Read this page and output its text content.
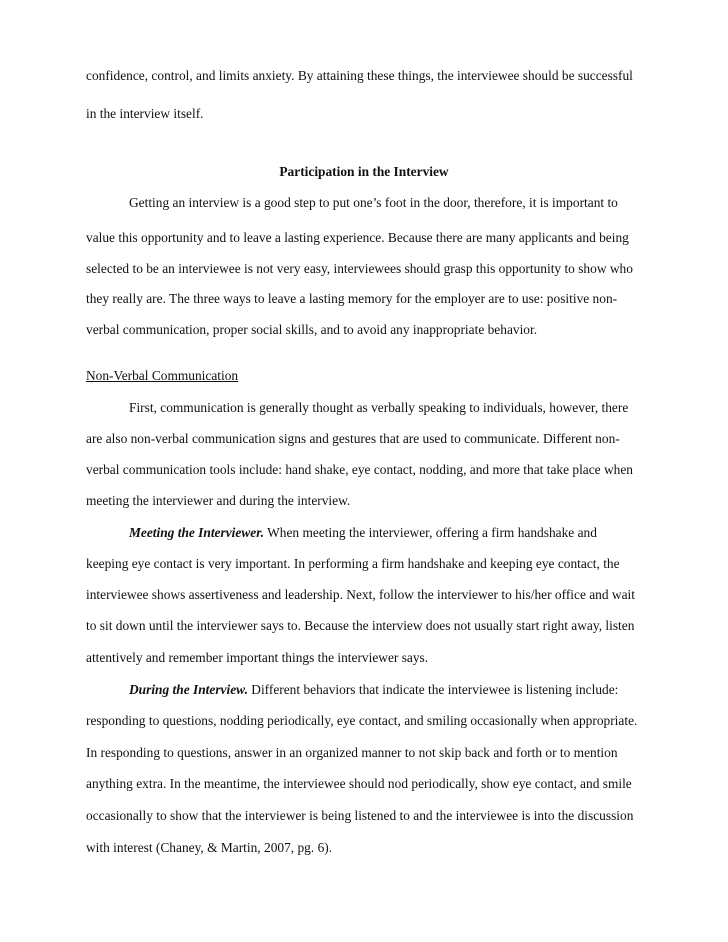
confidence, control, and limits anxiety. By attaining these things, the interviewee should be successful
in the interview itself.
Participation in the Interview
Getting an interview is a good step to put one’s foot in the door, therefore, it is important to
value this opportunity and to leave a lasting experience. Because there are many applicants and being
selected to be an interviewee is not very easy, interviewees should grasp this opportunity to show who
they really are. The three ways to leave a lasting memory for the employer are to use: positive non-
verbal communication, proper social skills, and to avoid any inappropriate behavior.
Non-Verbal Communication
First, communication is generally thought as verbally speaking to individuals, however, there
are also non-verbal communication signs and gestures that are used to communicate. Different non-
verbal communication tools include: hand shake, eye contact, nodding, and more that take place when
meeting the interviewer and during the interview.
Meeting the Interviewer. When meeting the interviewer, offering a firm handshake and
keeping eye contact is very important. In performing a firm handshake and keeping eye contact, the
interviewee shows assertiveness and leadership. Next, follow the interviewer to his/her office and wait
to sit down until the interviewer says to. Because the interview does not usually start right away, listen
attentively and remember important things the interviewer says.
During the Interview. Different behaviors that indicate the interviewee is listening include:
responding to questions, nodding periodically, eye contact, and smiling occasionally when appropriate.
In responding to questions, answer in an organized manner to not skip back and forth or to mention
anything extra. In the meantime, the interviewee should nod periodically, show eye contact, and smile
occasionally to show that the interviewer is being listened to and the interviewee is into the discussion
with interest (Chaney, & Martin, 2007, pg. 6).
